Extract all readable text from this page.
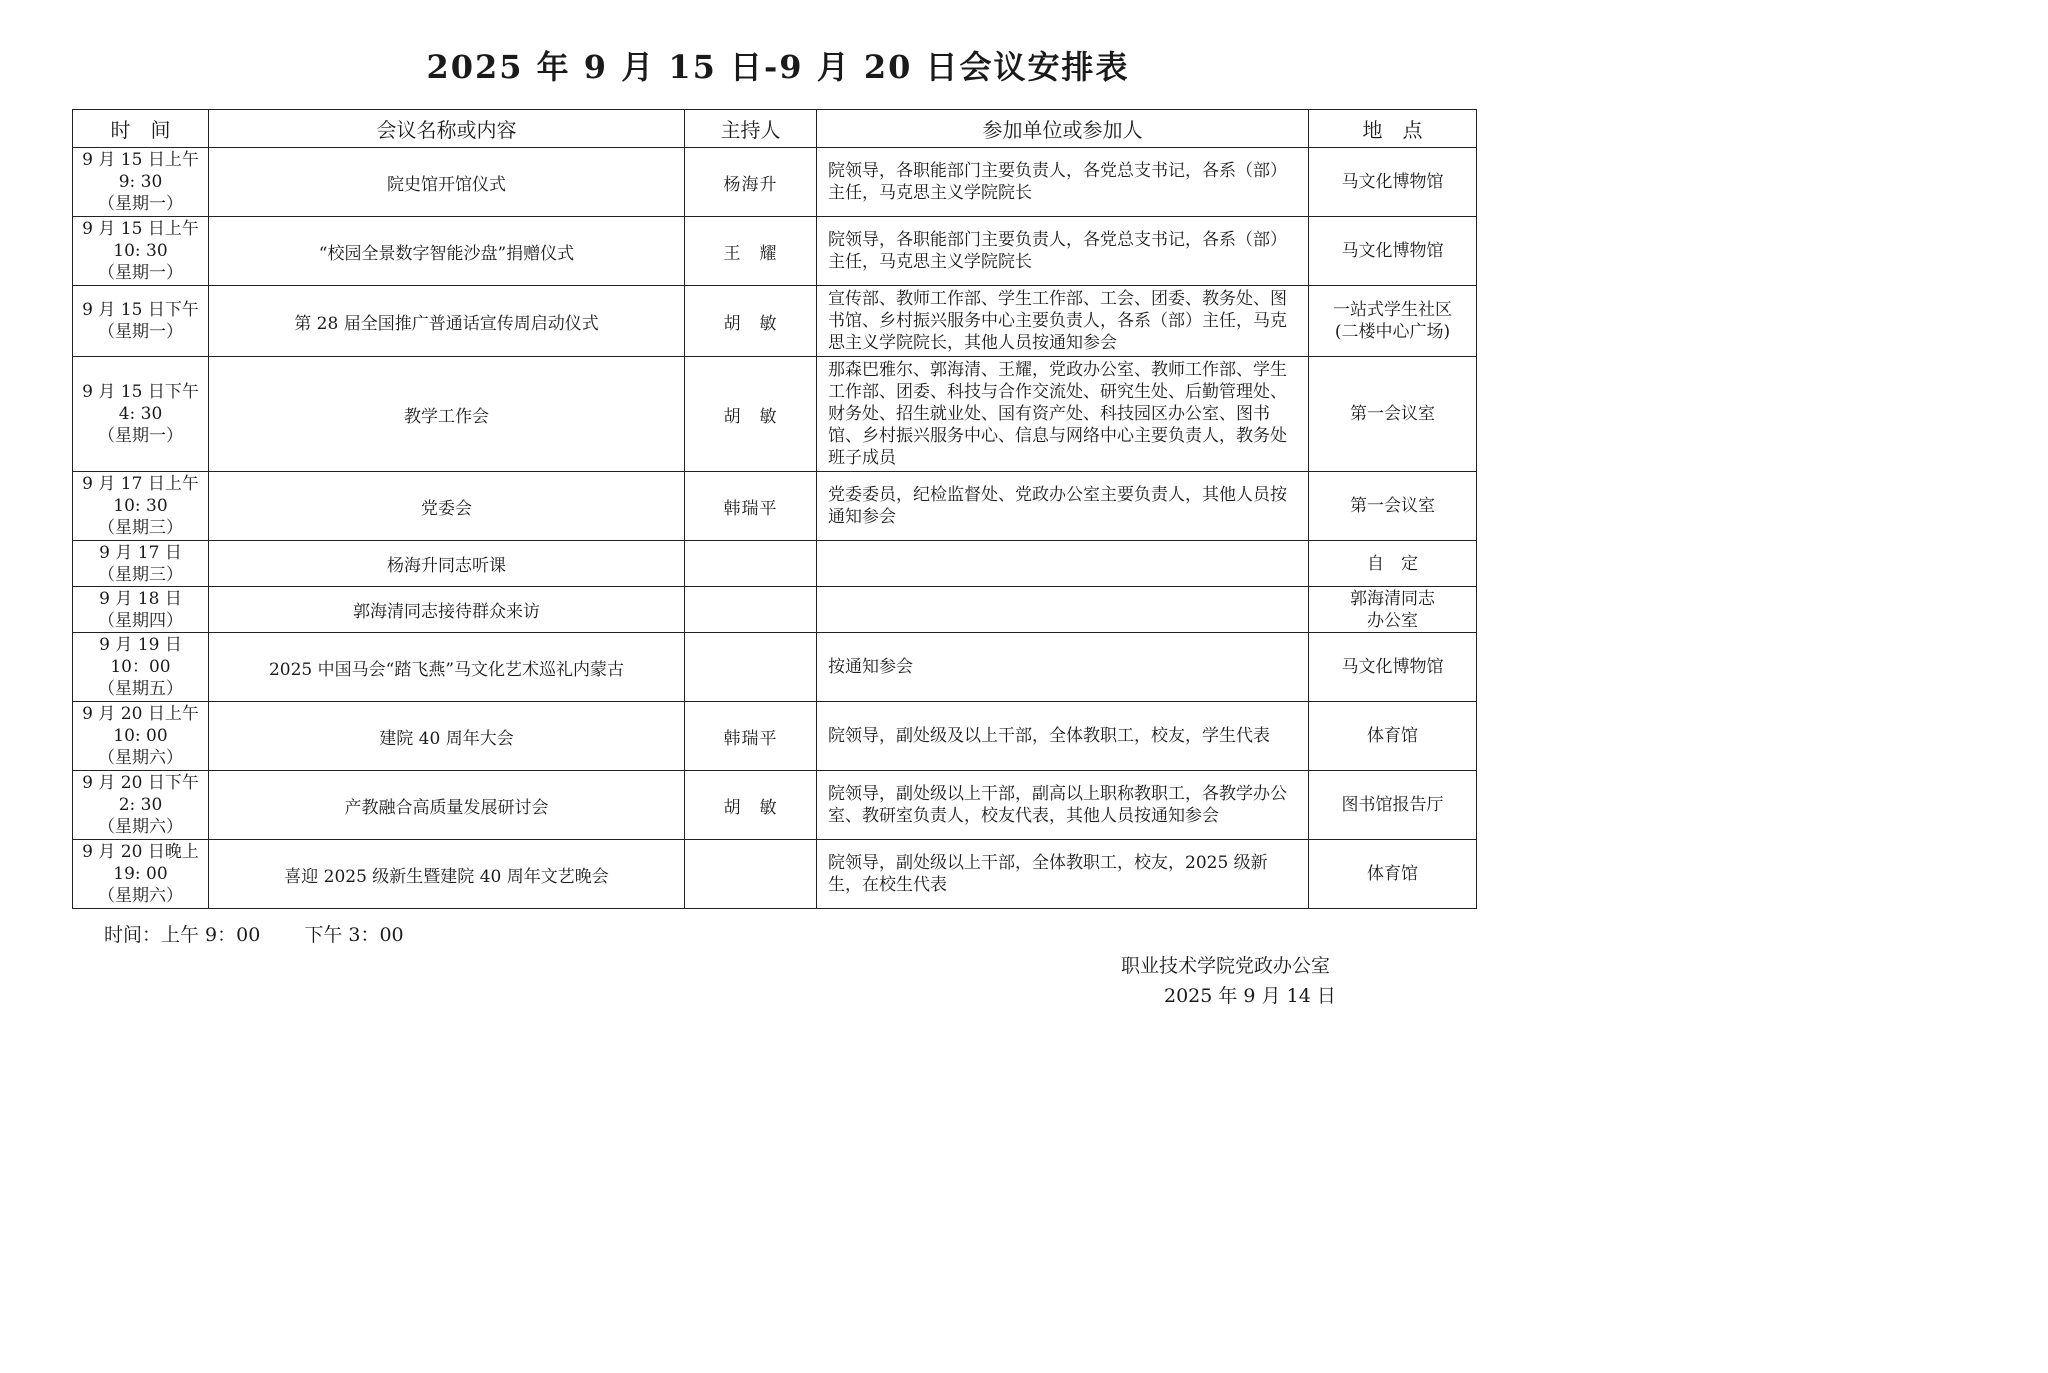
2025 年 9 月 15 日-9 月 20 日会议安排表
时　间	会议名称或内容	主持人	参加单位或参加人	地　点
9 月 15 日上午
9: 30
（星期一）	院史馆开馆仪式	杨海升	院领导，各职能部门主要负责人，各党总支书记，各系（部）主任，马克思主义学院院长	马文化博物馆
9 月 15 日上午
10: 30
（星期一）	“校园全景数字智能沙盘”捐赠仪式	王　耀	院领导，各职能部门主要负责人，各党总支书记，各系（部）主任，马克思主义学院院长	马文化博物馆
9 月 15 日下午
（星期一）	第 28 届全国推广普通话宣传周启动仪式	胡　敏	宣传部、教师工作部、学生工作部、工会、团委、教务处、图书馆、乡村振兴服务中心主要负责人，各系（部）主任，马克思主义学院院长，其他人员按通知参会	一站式学生社区
(二楼中心广场)
9 月 15 日下午
4: 30
（星期一）	教学工作会	胡　敏	那森巴雅尔、郭海清、王耀，党政办公室、教师工作部、学生工作部、团委、科技与合作交流处、研究生处、后勤管理处、财务处、招生就业处、国有资产处、科技园区办公室、图书馆、乡村振兴服务中心、信息与网络中心主要负责人，教务处班子成员	第一会议室
9 月 17 日上午
10: 30
（星期三）	党委会	韩瑞平	党委委员，纪检监督处、党政办公室主要负责人，其他人员按通知参会	第一会议室
9 月 17 日
（星期三）	杨海升同志听课			自　定
9 月 18 日
（星期四）	郭海清同志接待群众来访			郭海清同志
办公室
9 月 19 日
10：00
（星期五）	2025 中国马会“踏飞燕”马文化艺术巡礼内蒙古		按通知参会	马文化博物馆
9 月 20 日上午
10: 00
（星期六）	建院 40 周年大会	韩瑞平	院领导，副处级及以上干部，全体教职工，校友，学生代表	体育馆
9 月 20 日下午
2: 30
（星期六）	产教融合高质量发展研讨会	胡　敏	院领导，副处级以上干部，副高以上职称教职工，各教学办公室、教研室负责人，校友代表，其他人员按通知参会	图书馆报告厅
9 月 20 日晚上
19: 00
（星期六）	喜迎 2025 级新生暨建院 40 周年文艺晚会		院领导，副处级以上干部，全体教职工，校友，2025 级新生，在校生代表	体育馆
时间：上午 9：00 下午 3：00
职业技术学院党政办公室
2025 年 9 月 14 日
